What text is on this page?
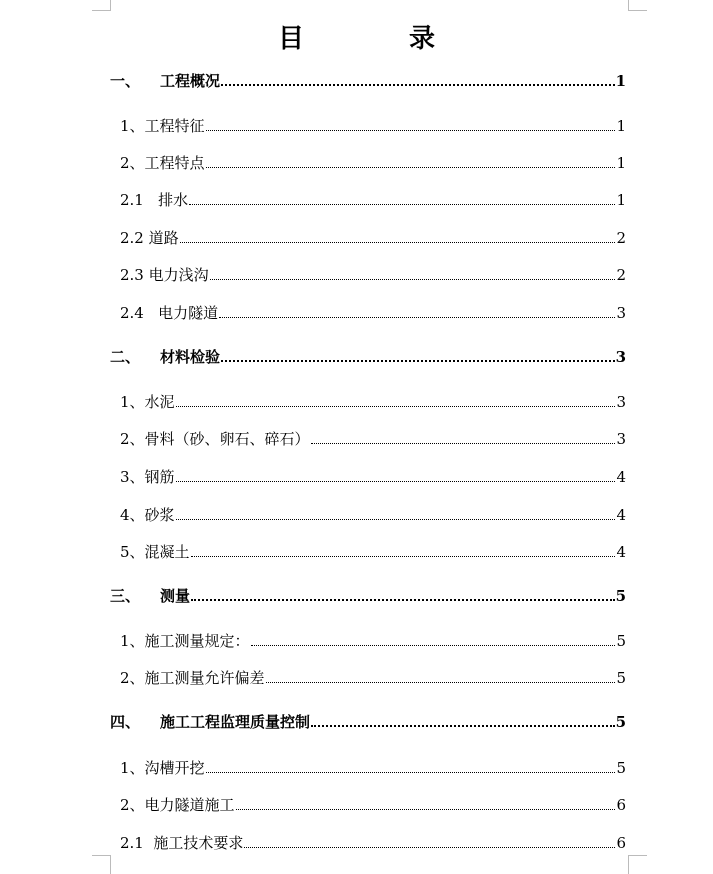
目 录
一、	工程概况	1
1、 工程特征	1
2、 工程特点	1
2.1 排水	1
2.2 道路	2
2.3 电力浅沟	2
2.4 电力隧道	3
二、	材料检验	3
1、 水泥	3
2、 骨料（砂、卵石、碎石）	3
3、 钢筋	4
4、 砂浆	4
5、 混凝土	4
三、	测量	5
1、 施工测量规定：	5
2、 施工测量允许偏差	5
四、	施工工程监理质量控制	5
1、 沟槽开挖	5
2、 电力隧道施工	6
2.1 施工技术要求	6
